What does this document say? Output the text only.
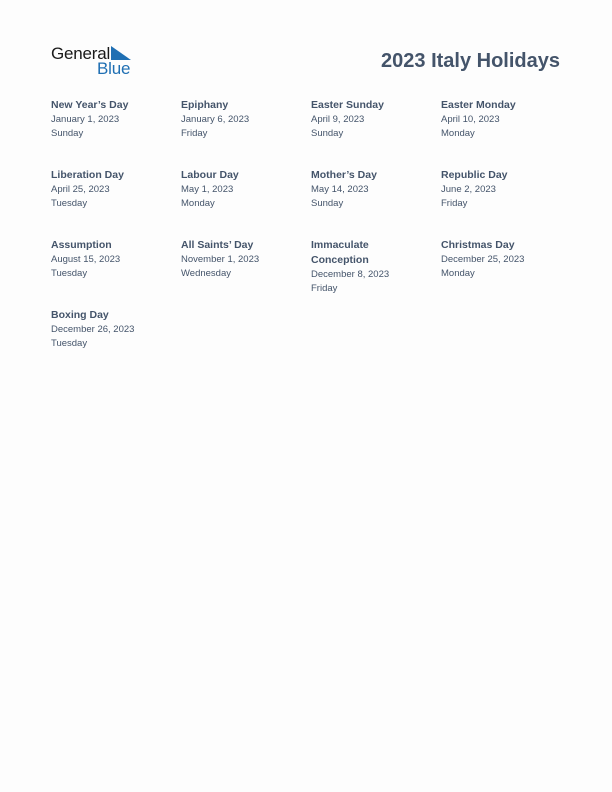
General
Blue	2023 Italy Holidays
New Year’s Day
January 1, 2023
Sunday
Epiphany
January 6, 2023
Friday
Easter Sunday
April 9, 2023
Sunday
Easter Monday
April 10, 2023
Monday
Liberation Day
April 25, 2023
Tuesday
Labour Day
May 1, 2023
Monday
Mother’s Day
May 14, 2023
Sunday
Republic Day
June 2, 2023
Friday
Assumption
August 15, 2023
Tuesday
All Saints’ Day
November 1, 2023
Wednesday
Immaculate Conception
December 8, 2023
Friday
Christmas Day
December 25, 2023
Monday
Boxing Day
December 26, 2023
Tuesday
